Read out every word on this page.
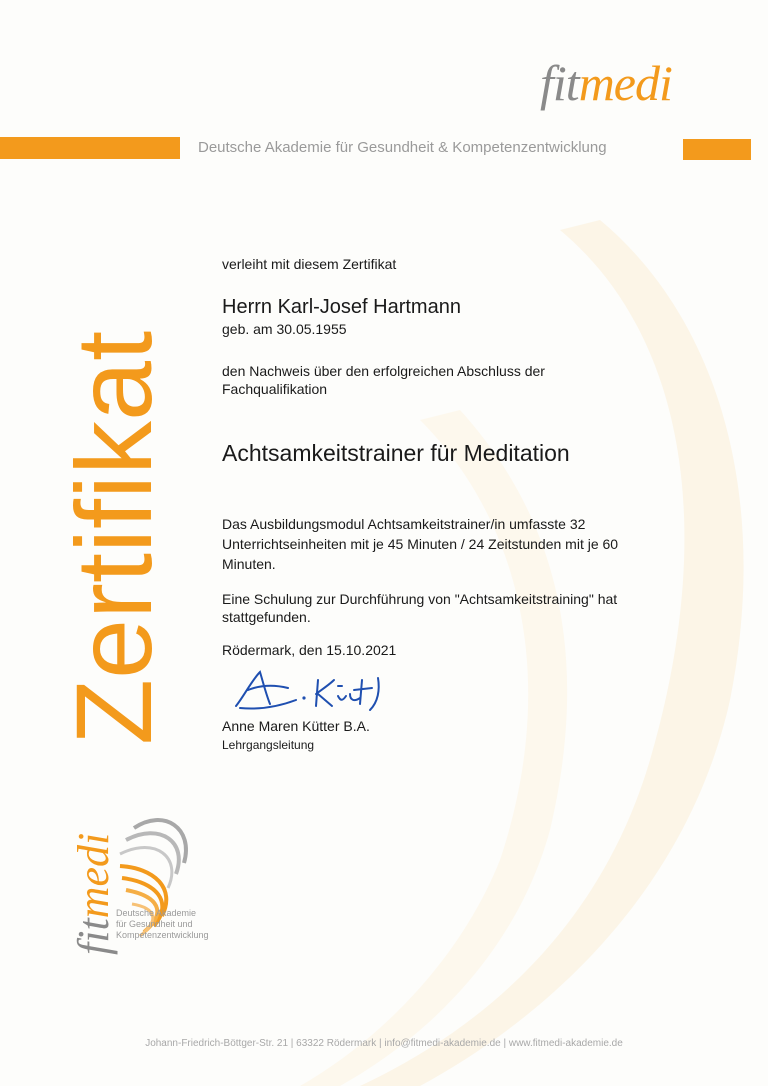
fitmedi
Deutsche Akademie für Gesundheit & Kompetenzentwicklung
Zertifikat
verleiht mit diesem Zertifikat
Herrn Karl-Josef Hartmann
geb. am 30.05.1955
den Nachweis über den erfolgreichen Abschluss der Fachqualifikation
Achtsamkeitstrainer für Meditation
Das Ausbildungsmodul Achtsamkeitstrainer/in umfasste 32 Unterrichtseinheiten mit je 45 Minuten / 24 Zeitstunden mit je 60 Minuten.
Eine Schulung zur Durchführung von "Achtsamkeitstraining" hat stattgefunden.
Rödermark, den 15.10.2021
Anne Maren Kütter B.A.
Lehrgangsleitung
fitmedi
Deutsche Akademie
für Gesundheit und
Kompetenzentwicklung
Johann-Friedrich-Böttger-Str. 21 | 63322 Rödermark | info@fitmedi-akademie.de | www.fitmedi-akademie.de
